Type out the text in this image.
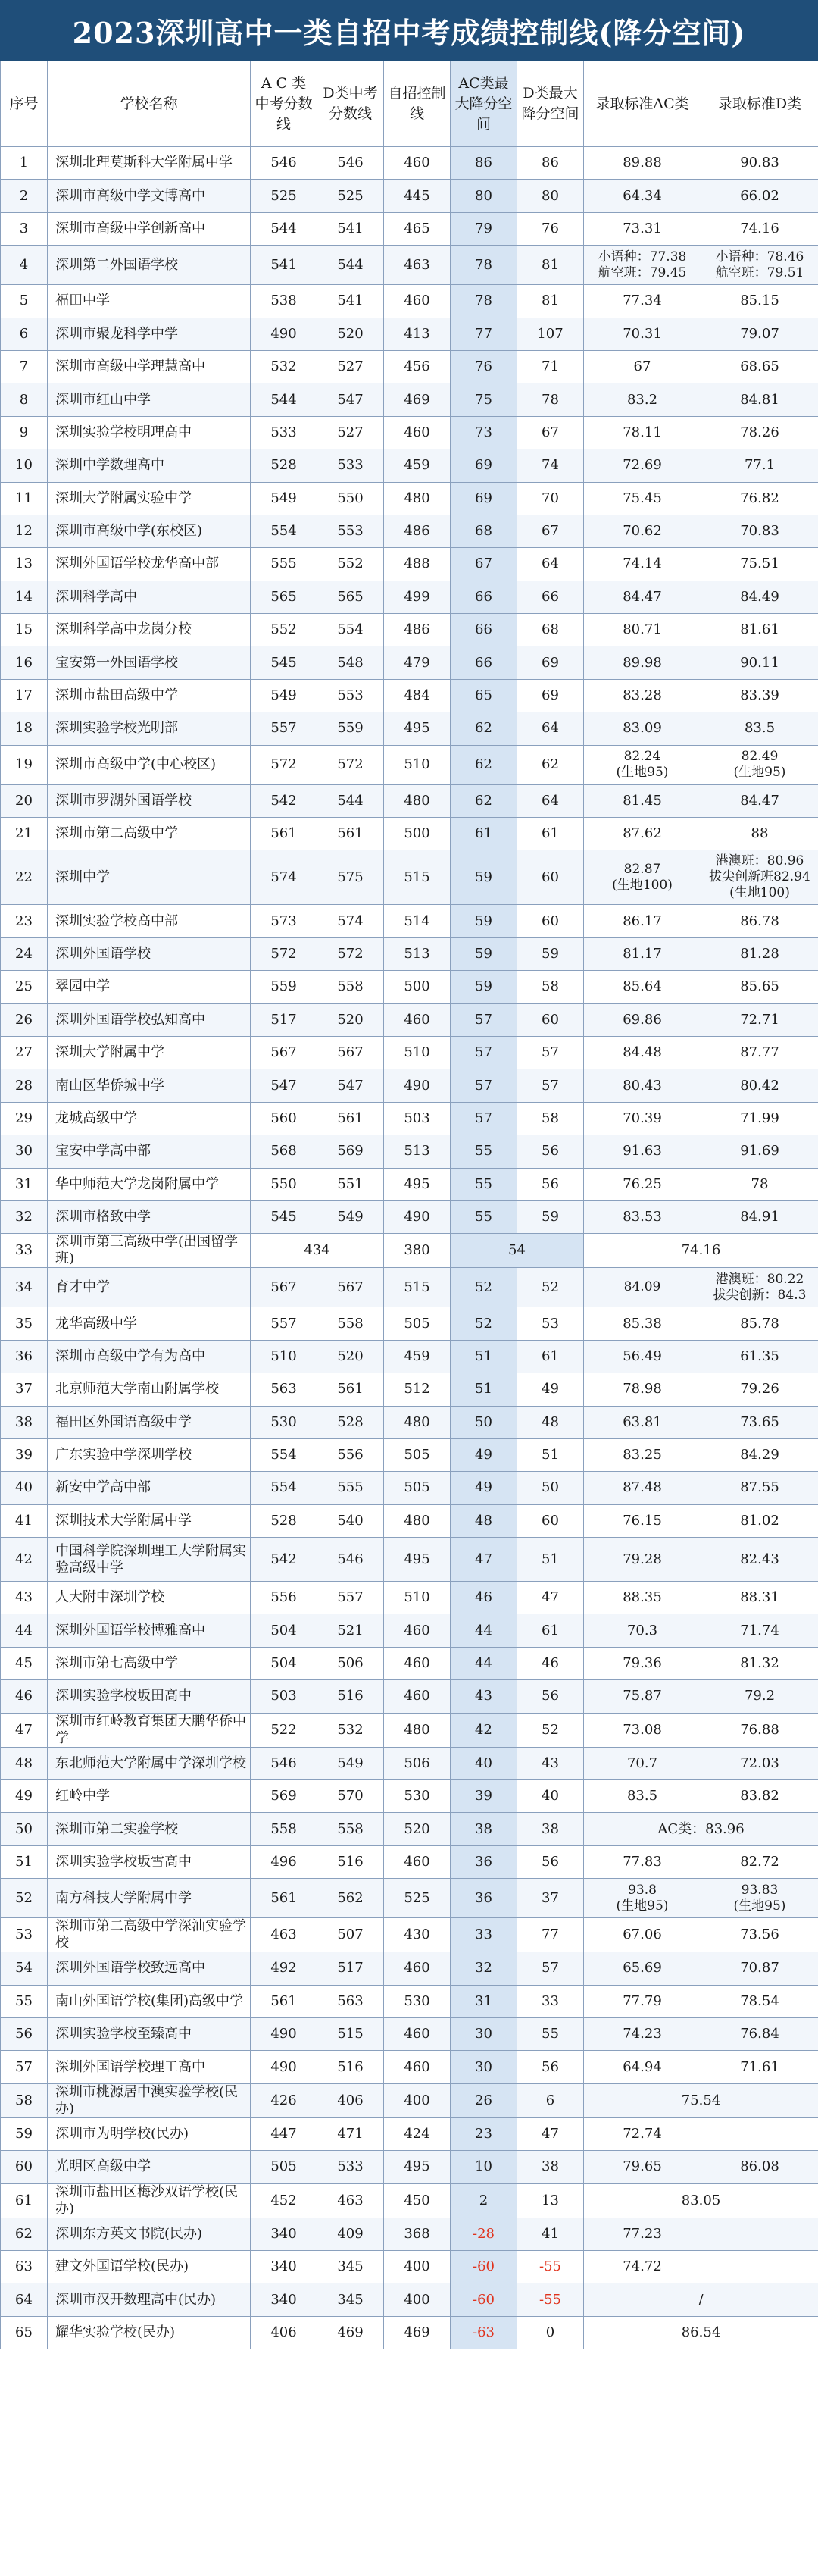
2023深圳高中一类自招中考成绩控制线(降分空间)
序号	学校名称	A C 类 中考分数线	D类中考分数线	自招控制线	AC类最大降分空间	D类最大降分空间	录取标准AC类	录取标准D类
1	深圳北理莫斯科大学附属中学	546	546	460	86	86	89.88	90.83
2	深圳市高级中学文博高中	525	525	445	80	80	64.34	66.02
3	深圳市高级中学创新高中	544	541	465	79	76	73.31	74.16
4	深圳第二外国语学校	541	544	463	78	81	小语种：77.38
航空班：79.45	小语种：78.46
航空班：79.51
5	福田中学	538	541	460	78	81	77.34	85.15
6	深圳市聚龙科学中学	490	520	413	77	107	70.31	79.07
7	深圳市高级中学理慧高中	532	527	456	76	71	67	68.65
8	深圳市红山中学	544	547	469	75	78	83.2	84.81
9	深圳实验学校明理高中	533	527	460	73	67	78.11	78.26
10	深圳中学数理高中	528	533	459	69	74	72.69	77.1
11	深圳大学附属实验中学	549	550	480	69	70	75.45	76.82
12	深圳市高级中学(东校区)	554	553	486	68	67	70.62	70.83
13	深圳外国语学校龙华高中部	555	552	488	67	64	74.14	75.51
14	深圳科学高中	565	565	499	66	66	84.47	84.49
15	深圳科学高中龙岗分校	552	554	486	66	68	80.71	81.61
16	宝安第一外国语学校	545	548	479	66	69	89.98	90.11
17	深圳市盐田高级中学	549	553	484	65	69	83.28	83.39
18	深圳实验学校光明部	557	559	495	62	64	83.09	83.5
19	深圳市高级中学(中心校区)	572	572	510	62	62	82.24
(生地95)	82.49
(生地95)
20	深圳市罗湖外国语学校	542	544	480	62	64	81.45	84.47
21	深圳市第二高级中学	561	561	500	61	61	87.62	88
22	深圳中学	574	575	515	59	60	82.87
(生地100)	港澳班：80.96
拔尖创新班82.94
(生地100)
23	深圳实验学校高中部	573	574	514	59	60	86.17	86.78
24	深圳外国语学校	572	572	513	59	59	81.17	81.28
25	翠园中学	559	558	500	59	58	85.64	85.65
26	深圳外国语学校弘知高中	517	520	460	57	60	69.86	72.71
27	深圳大学附属中学	567	567	510	57	57	84.48	87.77
28	南山区华侨城中学	547	547	490	57	57	80.43	80.42
29	龙城高级中学	560	561	503	57	58	70.39	71.99
30	宝安中学高中部	568	569	513	55	56	91.63	91.69
31	华中师范大学龙岗附属中学	550	551	495	55	56	76.25	78
32	深圳市格致中学	545	549	490	55	59	83.53	84.91
33	深圳市第三高级中学(出国留学班)	434		380	54		74.16	
34	育才中学	567	567	515	52	52	84.09	港澳班：80.22
拔尖创新：84.3
35	龙华高级中学	557	558	505	52	53	85.38	85.78
36	深圳市高级中学有为高中	510	520	459	51	61	56.49	61.35
37	北京师范大学南山附属学校	563	561	512	51	49	78.98	79.26
38	福田区外国语高级中学	530	528	480	50	48	63.81	73.65
39	广东实验中学深圳学校	554	556	505	49	51	83.25	84.29
40	新安中学高中部	554	555	505	49	50	87.48	87.55
41	深圳技术大学附属中学	528	540	480	48	60	76.15	81.02
42	中国科学院深圳理工大学附属实验高级中学	542	546	495	47	51	79.28	82.43
43	人大附中深圳学校	556	557	510	46	47	88.35	88.31
44	深圳外国语学校博雅高中	504	521	460	44	61	70.3	71.74
45	深圳市第七高级中学	504	506	460	44	46	79.36	81.32
46	深圳实验学校坂田高中	503	516	460	43	56	75.87	79.2
47	深圳市红岭教育集团大鹏华侨中学	522	532	480	42	52	73.08	76.88
48	东北师范大学附属中学深圳学校	546	549	506	40	43	70.7	72.03
49	红岭中学	569	570	530	39	40	83.5	83.82
50	深圳市第二实验学校	558	558	520	38	38	AC类：83.96	
51	深圳实验学校坂雪高中	496	516	460	36	56	77.83	82.72
52	南方科技大学附属中学	561	562	525	36	37	93.8
(生地95)	93.83
(生地95)
53	深圳市第二高级中学深汕实验学校	463	507	430	33	77	67.06	73.56
54	深圳外国语学校致远高中	492	517	460	32	57	65.69	70.87
55	南山外国语学校(集团)高级中学	561	563	530	31	33	77.79	78.54
56	深圳实验学校至臻高中	490	515	460	30	55	74.23	76.84
57	深圳外国语学校理工高中	490	516	460	30	56	64.94	71.61
58	深圳市桃源居中澳实验学校(民办)	426	406	400	26	6	75.54	
59	深圳市为明学校(民办)	447	471	424	23	47	72.74	
60	光明区高级中学	505	533	495	10	38	79.65	86.08
61	深圳市盐田区梅沙双语学校(民办)	452	463	450	2	13	83.05	
62	深圳东方英文书院(民办)	340	409	368	-28	41	77.23	
63	建文外国语学校(民办)	340	345	400	-60	-55	74.72	
64	深圳市汉开数理高中(民办)	340	345	400	-60	-55	/	
65	耀华实验学校(民办)	406	469	469	-63	0	86.54	
